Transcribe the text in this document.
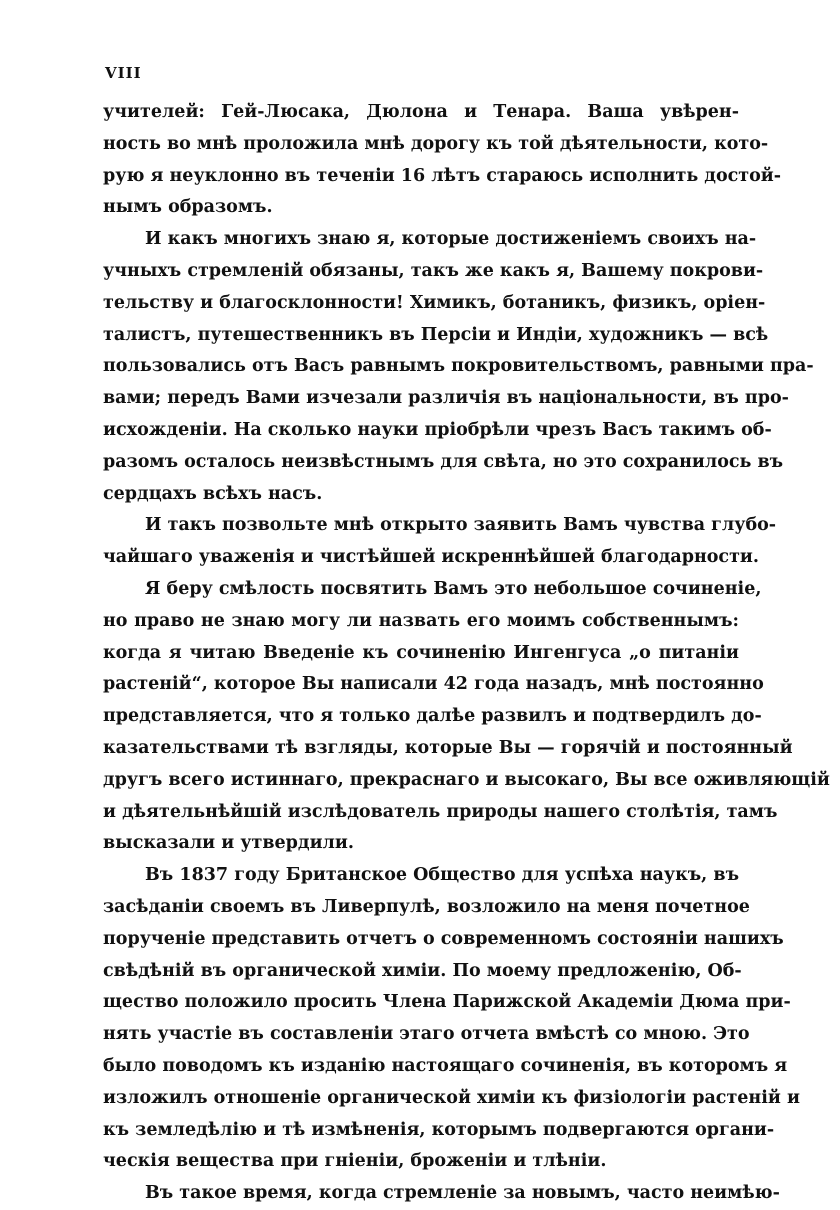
VIII
учителей: Гей-Люсака, Дюлона и Тенара. Ваша увѣрен-
ность во мнѣ проложила мнѣ дорогу къ той дѣятельности, кото-
рую я неуклонно въ теченіи 16 лѣтъ стараюсь исполнить достой-
нымъ образомъ.
И какъ многихъ знаю я, которые достиженіемъ своихъ на-
учныхъ стремленій обязаны, такъ же какъ я, Вашему покрови-
тельству и благосклонности! Химикъ, ботаникъ, физикъ, оріен-
талистъ, путешественникъ въ Персіи и Индіи, художникъ — всѣ
пользовались отъ Васъ равнымъ покровительствомъ, равными пра-
вами; передъ Вами изчезали различія въ національности, въ про-
исхожденіи. На сколько науки пріобрѣли чрезъ Васъ такимъ об-
разомъ осталось неизвѣстнымъ для свѣта, но это сохранилось въ
сердцахъ всѣхъ насъ.
И такъ позвольте мнѣ открыто заявить Вамъ чувства глубо-
чайшаго уваженія и чистѣйшей искреннѣйшей благодарности.
Я беру смѣлость посвятить Вамъ это небольшое сочиненіе,
но право не знаю могу ли назвать его моимъ собственнымъ:
когда я читаю Введеніе къ сочиненію Ингенгуса „о питаніи
растеній“, которое Вы написали 42 года назадъ, мнѣ постоянно
представляется, что я только далѣе развилъ и подтвердилъ до-
казательствами тѣ взгляды, которые Вы — горячій и постоянный
другъ всего истиннаго, прекраснаго и высокаго, Вы все оживляющій
и дѣятельнѣйшій изслѣдователь природы нашего столѣтія, тамъ
высказали и утвердили.
Въ 1837 году Британское Общество для успѣха наукъ, въ
засѣданіи своемъ въ Ливерпулѣ, возложило на меня почетное
порученіе представить отчетъ о современномъ состояніи нашихъ
свѣдѣній въ органической химіи. По моему предложенію, Об-
щество положило просить Члена Парижской Академіи Дюма при-
нять участіе въ составленіи этаго отчета вмѣстѣ со мною. Это
было поводомъ къ изданію настоящаго сочиненія, въ которомъ я
изложилъ отношеніе органической химіи къ физіологіи растеній и
къ земледѣлію и тѣ измѣненія, которымъ подвергаются органи-
ческія вещества при гніеніи, броженіи и тлѣніи.
Въ такое время, когда стремленіе за новымъ, часто неимѣю-
